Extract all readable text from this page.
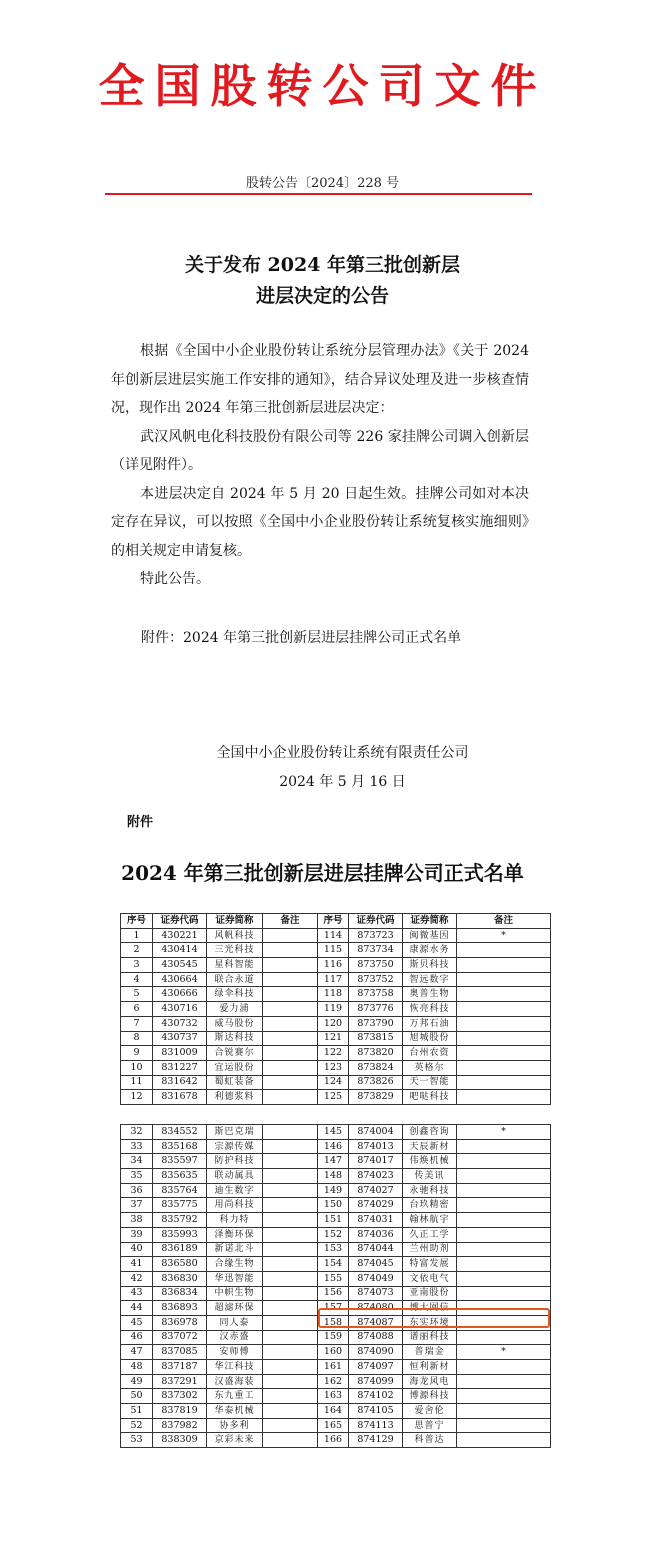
全国股转公司文件
股转公告〔2024〕228 号
关于发布 2024 年第三批创新层
进层决定的公告

根据《全国中小企业股份转让系统分层管理办法》《关于 2024 年创新层进层实施工作安排的通知》，结合异议处理及进一步核查情况，现作出 2024 年第三批创新层进层决定：

武汉风帆电化科技股份有限公司等 226 家挂牌公司调入创新层（详见附件）。

本进层决定自 2024 年 5 月 20 日起生效。挂牌公司如对本决定存在异议，可以按照《全国中小企业股份转让系统复核实施细则》的相关规定申请复核。

特此公告。

附件：2024 年第三批创新层进层挂牌公司正式名单
全国中小企业股份转让系统有限责任公司
2024 年 5 月 16 日
附件
2024 年第三批创新层进层挂牌公司正式名单
序号	证券代码	证券简称	备注	序号	证券代码	证券简称	备注
1	430221	风帆科技		114	873723	闽微基因	*
2	430414	三光科技		115	873734	康源水务	
3	430545	星科智能		116	873750	斯贝科技	
4	430664	联合永道		117	873752	智远数字	
5	430666	绿伞科技		118	873758	奥普生物	
6	430716	爱力浦		119	873776	恢亮科技	
7	430732	威马股份		120	873790	万邦石油	
8	430737	斯达科技		121	873815	旭城股份	
9	831009	合锐赛尔		122	873820	台州农资	
10	831227	宜运股份		123	873824	英格尔	
11	831642	蜀虹装备		124	873826	天一智能	
12	831678	利德浆料		125	873829	吧哒科技	
32	834552	斯巴克瑞		145	874004	创鑫咨询	*
33	835168	宗源传媒		146	874013	天辰新材	
34	835597	防护科技		147	874017	伟焕机械	
35	835635	联动属具		148	874023	传美讯	
36	835764	迪生数字		149	874027	永驰科技	
37	835775	用尚科技		150	874029	台玖精密	
38	835792	科力特		151	874031	翰林航宇	
39	835993	泽衡环保		152	874036	久正工学	
40	836189	新诺北斗		153	874044	兰州助剂	
41	836580	合缘生物		154	874045	特富发展	
42	836830	华迅智能		155	874049	文依电气	
43	836834	中帜生物		156	874073	亚南股份	
44	836893	超滤环保		157	874080	博大网信	
45	836978	同人泰		158	874087	东实环境	
46	837072	汉赤盛		159	874088	谱丽科技	
47	837085	安师傅		160	874090	普瑞金	*
48	837187	华江科技		161	874097	恒利新材	
49	837291	汉盛海装		162	874099	海龙风电	
50	837302	东九重工		163	874102	博源科技	
51	837819	华泰机械		164	874105	爱舍伦	
52	837982	协多利		165	874113	思普宁	
53	838309	京彩未来		166	874129	科普达	
